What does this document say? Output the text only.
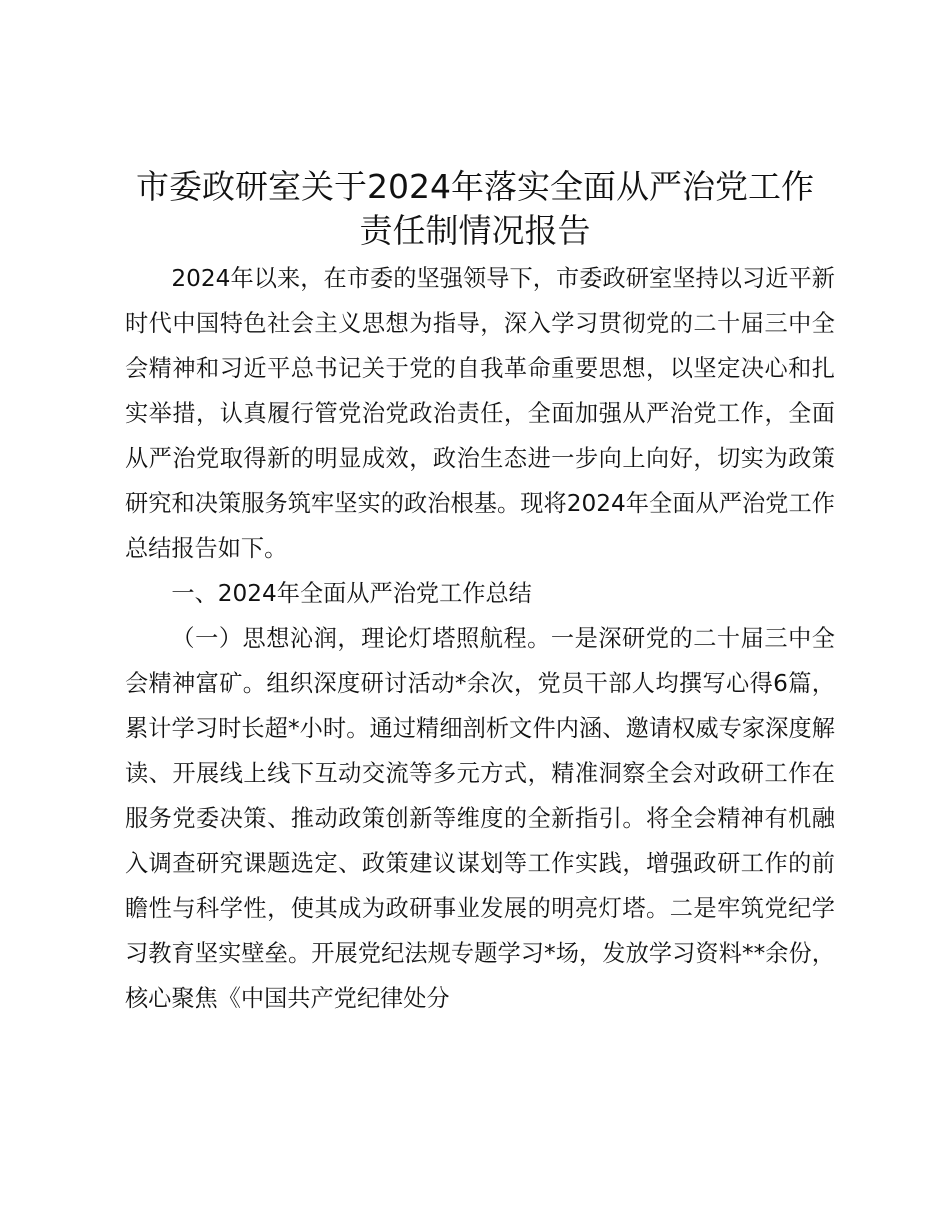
市委政研室关于2024年落实全面从严治党工作
责任制情况报告

2024年以来，在市委的坚强领导下，市委政研室坚持以习近平新时代中国特色社会主义思想为指导，深入学习贯彻党的二十届三中全会精神和习近平总书记关于党的自我革命重要思想，以坚定决心和扎实举措，认真履行管党治党政治责任，全面加强从严治党工作，全面从严治党取得新的明显成效，政治生态进一步向上向好，切实为政策研究和决策服务筑牢坚实的政治根基。现将2024年全面从严治党工作总结报告如下。

一、2024年全面从严治党工作总结

（一）思想沁润，理论灯塔照航程。一是深研党的二十届三中全会精神富矿。组织深度研讨活动*余次，党员干部人均撰写心得6篇，累计学习时长超*小时。通过精细剖析文件内涵、邀请权威专家深度解读、开展线上线下互动交流等多元方式，精准洞察全会对政研工作在服务党委决策、推动政策创新等维度的全新指引。将全会精神有机融入调查研究课题选定、政策建议谋划等工作实践，增强政研工作的前瞻性与科学性，使其成为政研事业发展的明亮灯塔。二是牢筑党纪学习教育坚实壁垒。开展党纪法规专题学习*场，发放学习资料**余份，核心聚焦《中国共产党纪律处分
